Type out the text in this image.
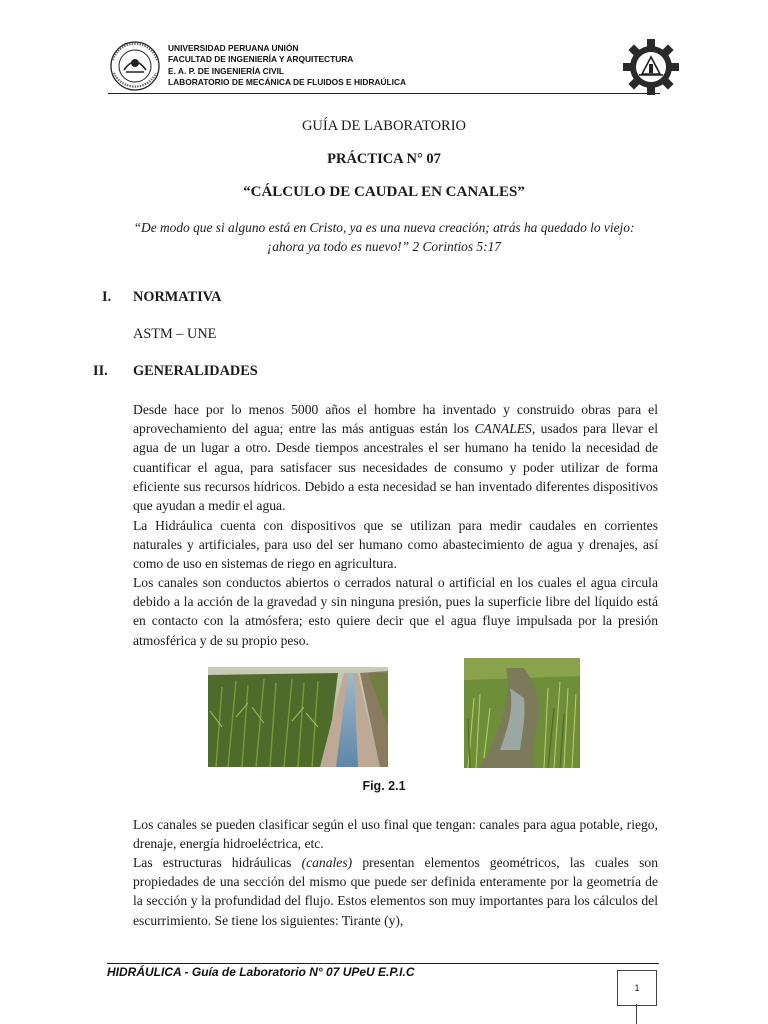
UNIVERSIDAD PERUANA UNIÓN
FACULTAD DE INGENIERÍA Y ARQUITECTURA
E. A. P. DE INGENIERÍA CIVIL
LABORATORIO DE MECÁNICA DE FLUIDOS E HIDRAÚLICA
GUÍA DE LABORATORIO
PRÁCTICA N° 07
“CÁLCULO DE CAUDAL EN CANALES”
“De modo que si alguno está en Cristo, ya es una nueva creación; atrás ha quedado lo viejo:
¡ahora ya todo es nuevo!” 2 Corintios 5:17
I. NORMATIVA
ASTM – UNE
II. GENERALIDADES
Desde hace por lo menos 5000 años el hombre ha inventado y construido obras para el aprovechamiento del agua; entre las más antiguas están los CANALES, usados para llevar el agua de un lugar a otro. Desde tiempos ancestrales el ser humano ha tenido la necesidad de cuantificar el agua, para satisfacer sus necesidades de consumo y poder utilizar de forma eficiente sus recursos hídricos. Debido a esta necesidad se han inventado diferentes dispositivos que ayudan a medir el agua.
La Hidráulica cuenta con dispositivos que se utilizan para medir caudales en corrientes naturales y artificiales, para uso del ser humano como abastecimiento de agua y drenajes, así como de uso en sistemas de riego en agricultura.
Los canales son conductos abiertos o cerrados natural o artificial en los cuales el agua circula debido a la acción de la gravedad y sin ninguna presión, pues la superficie libre del líquido está en contacto con la atmósfera; esto quiere decir que el agua fluye impulsada por la presión atmosférica y de su propio peso.
Fig. 2.1
Los canales se pueden clasificar según el uso final que tengan: canales para agua potable, riego, drenaje, energía hidroeléctrica, etc.
Las estructuras hidráulicas (canales) presentan elementos geométricos, las cuales son propiedades de una sección del mismo que puede ser definida enteramente por la geometría de la sección y la profundidad del flujo. Estos elementos son muy importantes para los cálculos del escurrimiento. Se tiene los siguientes: Tirante (y),
HIDRÁULICA - Guía de Laboratorio N° 07 UPeU E.P.I.C
1
